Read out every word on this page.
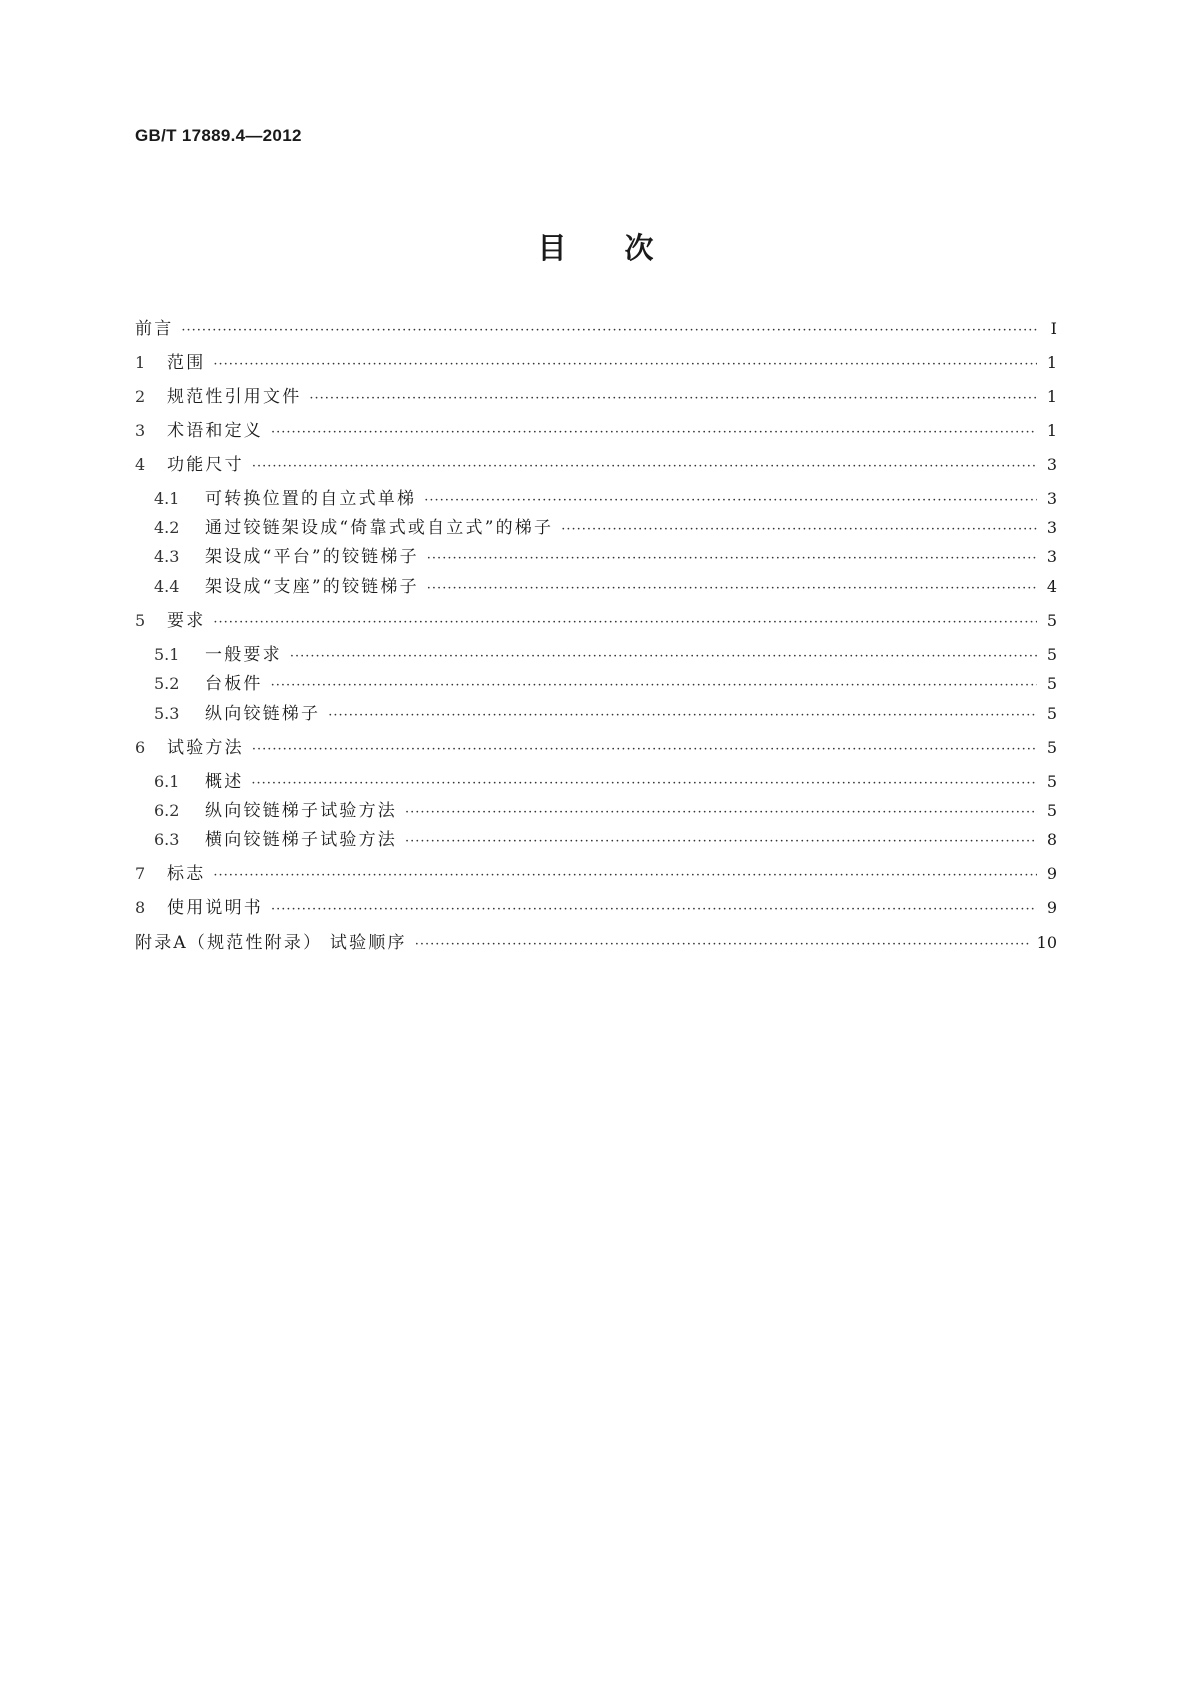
GB/T 17889.4—2012
目次
前言 ·····	Ⅰ
1	范围 ·····	1
2	规范性引用文件 ·····	1
3	术语和定义 ·····	1
4	功能尺寸 ·····	3
4.1	可转换位置的自立式单梯 ·····	3
4.2	通过铰链架设成“倚靠式或自立式”的梯子 ·····	3
4.3	架设成“平台”的铰链梯子 ·····	3
4.4	架设成“支座”的铰链梯子 ·····	4
5	要求 ·····	5
5.1	一般要求 ·····	5
5.2	台板件 ·····	5
5.3	纵向铰链梯子 ·····	5
6	试验方法 ·····	5
6.1	概述 ·····	5
6.2	纵向铰链梯子试验方法 ·····	5
6.3	横向铰链梯子试验方法 ·····	8
7	标志 ·····	9
8	使用说明书 ·····	9
附录A（规范性附录） 试验顺序 ·····	10
